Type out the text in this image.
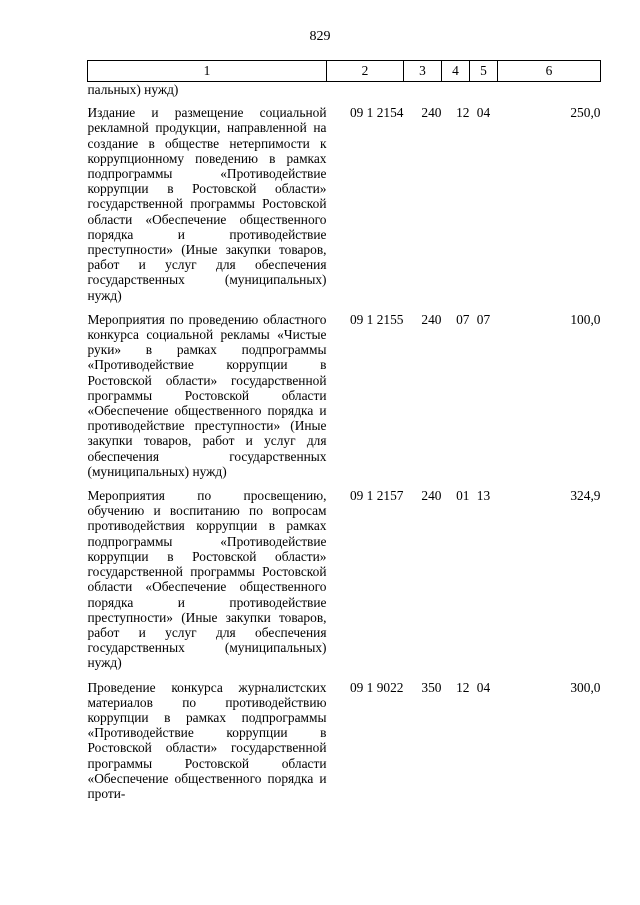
829
1	2	3	4	5	6
пальных) нужд)					
Издание и размещение социальной рекламной продукции, направленной на создание в обществе нетерпимости к коррупционному поведению в рамках подпрограммы «Противодействие коррупции в Ростовской области» государственной программы Ростовской области «Обеспечение общественного порядка и противодействие преступности» (Иные закупки товаров, работ и услуг для обеспечения государственных (муниципальных) нужд)	09 1 2154	240	12	04	250,0
Мероприятия по проведению областного конкурса социальной рекламы «Чистые руки» в рамках подпрограммы «Противодействие коррупции в Ростовской области» государственной программы Ростовской области «Обеспечение общественного порядка и противодействие преступности» (Иные закупки товаров, работ и услуг для обеспечения государственных (муниципальных) нужд)	09 1 2155	240	07	07	100,0
Мероприятия по просвещению, обучению и воспитанию по вопросам противодействия коррупции в рамках подпрограммы «Противодействие коррупции в Ростовской области» государственной программы Ростовской области «Обеспечение общественного порядка и противодействие преступности» (Иные закупки товаров, работ и услуг для обеспечения государственных (муниципальных) нужд)	09 1 2157	240	01	13	324,9
Проведение конкурса журналистских материалов по противодействию коррупции в рамках подпрограммы «Противодействие коррупции в Ростовской области» государственной программы Ростовской области «Обеспечение общественного порядка и проти-	09 1 9022	350	12	04	300,0
